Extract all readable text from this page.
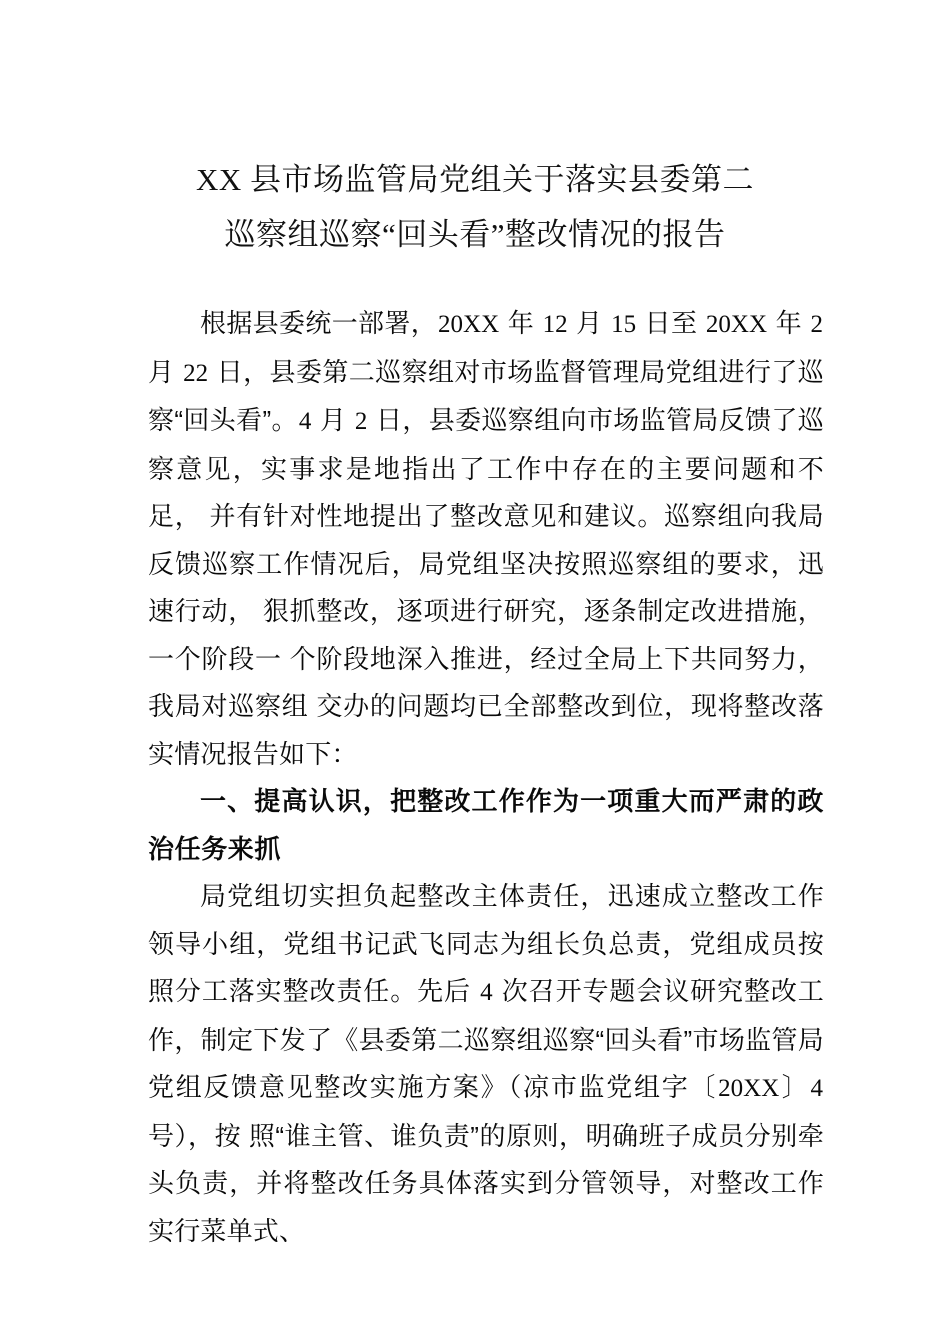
XX 县市场监管局党组关于落实县委第二
巡察组巡察“回头看”整改情况的报告

根据县委统一部署，20XX 年 12 月 15 日至 20XX 年 2 月 22 日，县委第二巡察组对市场监督管理局党组进行了巡察“回头看”。4 月 2 日，县委巡察组向市场监管局反馈了巡察意见，实事求是地指出了工作中存在的主要问题和不足， 并有针对性地提出了整改意见和建议。巡察组向我局反馈巡察工作情况后，局党组坚决按照巡察组的要求，迅速行动， 狠抓整改，逐项进行研究，逐条制定改进措施，一个阶段一 个阶段地深入推进，经过全局上下共同努力，我局对巡察组 交办的问题均已全部整改到位，现将整改落实情况报告如下：

一、提高认识，把整改工作作为一项重大而严肃的政治任务来抓

局党组切实担负起整改主体责任，迅速成立整改工作领导小组，党组书记武飞同志为组长负总责，党组成员按照分工落实整改责任。先后 4 次召开专题会议研究整改工作，制定下发了《县委第二巡察组巡察“回头看”市场监管局党组反馈意见整改实施方案》（凉市监党组字〔20XX〕4 号），按 照“谁主管、谁负责”的原则，明确班子成员分别牵头负责，并将整改任务具体落实到分管领导，对整改工作实行菜单式、
